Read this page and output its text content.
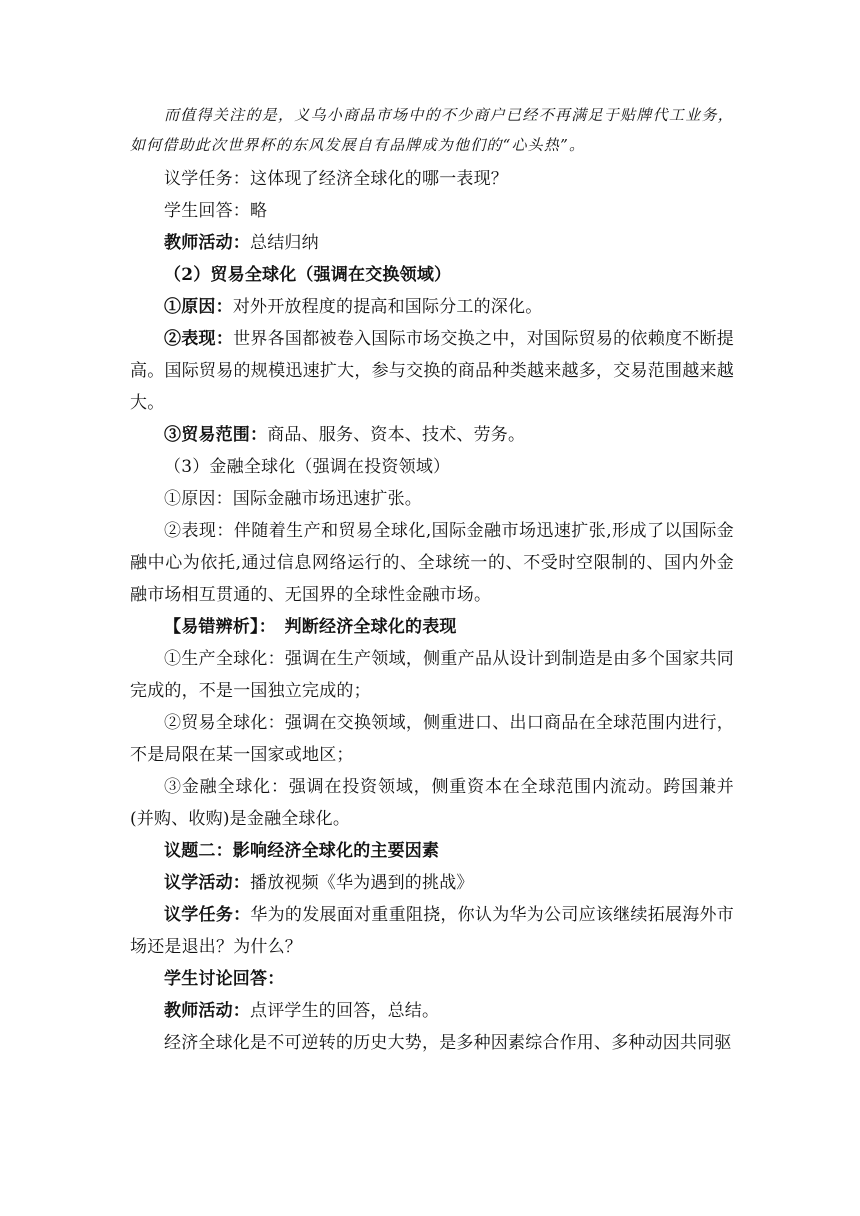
而值得关注的是，义乌小商品市场中的不少商户已经不再满足于贴牌代工业务，如何借助此次世界杯的东风发展自有品牌成为他们的“心头热”。

议学任务：这体现了经济全球化的哪一表现？

学生回答：略

教师活动：总结归纳

（2）贸易全球化（强调在交换领域）

①原因：对外开放程度的提高和国际分工的深化。

②表现：世界各国都被卷入国际市场交换之中，对国际贸易的依赖度不断提高。国际贸易的规模迅速扩大，参与交换的商品种类越来越多，交易范围越来越大。

③贸易范围：商品、服务、资本、技术、劳务。

（3）金融全球化（强调在投资领域）

①原因：国际金融市场迅速扩张。

②表现：伴随着生产和贸易全球化,国际金融市场迅速扩张,形成了以国际金融中心为依托,通过信息网络运行的、全球统一的、不受时空限制的、国内外金融市场相互贯通的、无国界的全球性金融市场。

【易错辨析】：　判断经济全球化的表现

①生产全球化：强调在生产领域，侧重产品从设计到制造是由多个国家共同完成的，不是一国独立完成的；

②贸易全球化：强调在交换领域，侧重进口、出口商品在全球范围内进行，不是局限在某一国家或地区；

③金融全球化：强调在投资领域，侧重资本在全球范围内流动。跨国兼并(并购、收购)是金融全球化。

议题二：影响经济全球化的主要因素

议学活动：播放视频《华为遇到的挑战》

议学任务：华为的发展面对重重阻挠，你认为华为公司应该继续拓展海外市场还是退出？为什么？

学生讨论回答：

教师活动：点评学生的回答，总结。

经济全球化是不可逆转的历史大势，是多种因素综合作用、多种动因共同驱
